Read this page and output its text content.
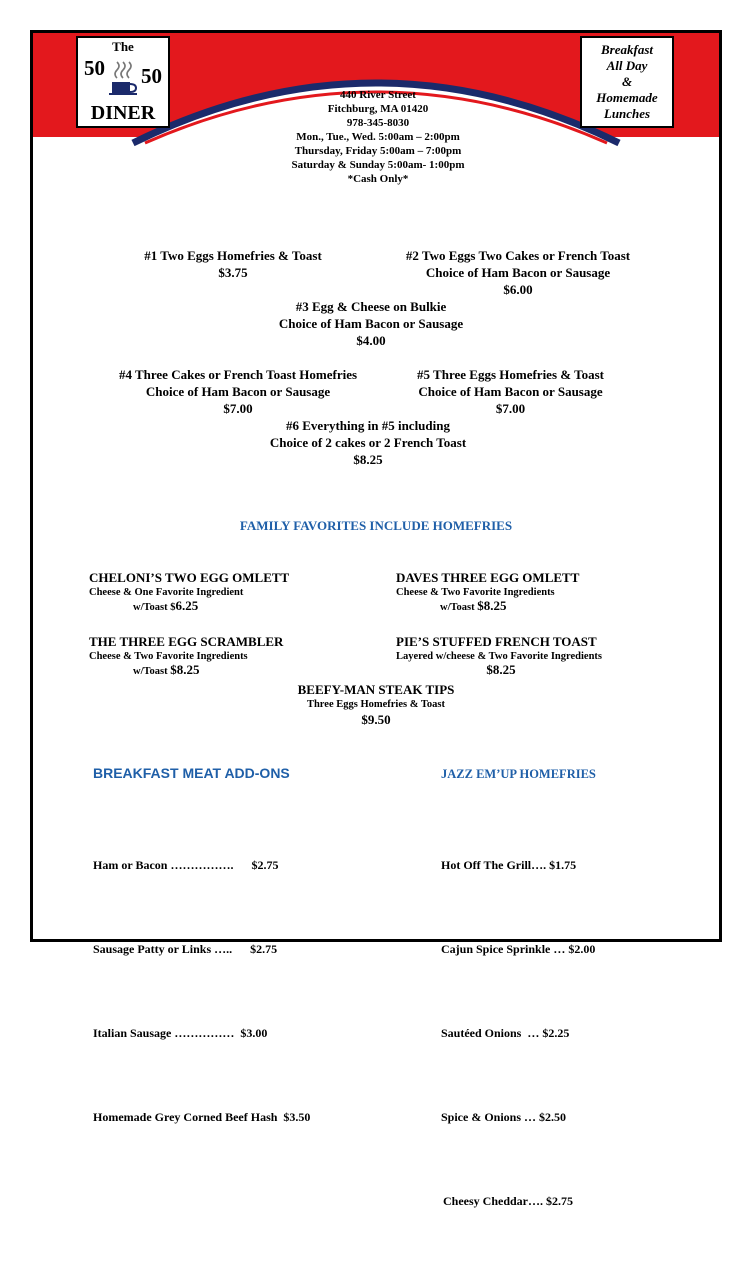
The
50 50
DINER
Breakfast
All Day
&
Homemade
Lunches
440 River Street
Fitchburg, MA 01420
978-345-8030
Mon., Tue., Wed. 5:00am – 2:00pm
Thursday, Friday 5:00am – 7:00pm
Saturday & Sunday 5:00am- 1:00pm
*Cash Only*
#1 Two Eggs Homefries & Toast
$3.75
#2 Two Eggs Two Cakes or French Toast
Choice of Ham Bacon or Sausage
$6.00
#3 Egg & Cheese on Bulkie
Choice of Ham Bacon or Sausage
$4.00
#4 Three Cakes or French Toast Homefries
Choice of Ham Bacon or Sausage
$7.00
#5 Three Eggs Homefries & Toast
Choice of Ham Bacon or Sausage
$7.00
#6 Everything in #5 including
Choice of 2 cakes or 2 French Toast
$8.25
FAMILY FAVORITES INCLUDE HOMEFRIES
CHELONI’S TWO EGG OMLETT
Cheese & One Favorite Ingredient
w/Toast $6.25
DAVES THREE EGG OMLETT
Cheese & Two Favorite Ingredients
w/Toast $8.25
THE THREE EGG SCRAMBLER
Cheese & Two Favorite Ingredients
w/Toast $8.25
PIE’S STUFFED FRENCH TOAST
Layered w/cheese & Two Favorite Ingredients
$8.25
BEEFY-MAN STEAK TIPS
Three Eggs Homefries & Toast
$9.50
BREAKFAST MEAT ADD-ONS

Ham or Bacon …………….      $2.75

Sausage Patty or Links …..      $2.75

Italian Sausage ……………  $3.00

Homemade Grey Corned Beef Hash  $3.50

JAZZ EM’UP HOMEFRIES

Hot Off The Grill…. $1.75

Cajun Spice Sprinkle … $2.00

Sautéed Onions  … $2.25

Spice & Onions … $2.50

Cheesy Cheddar…. $2.75
